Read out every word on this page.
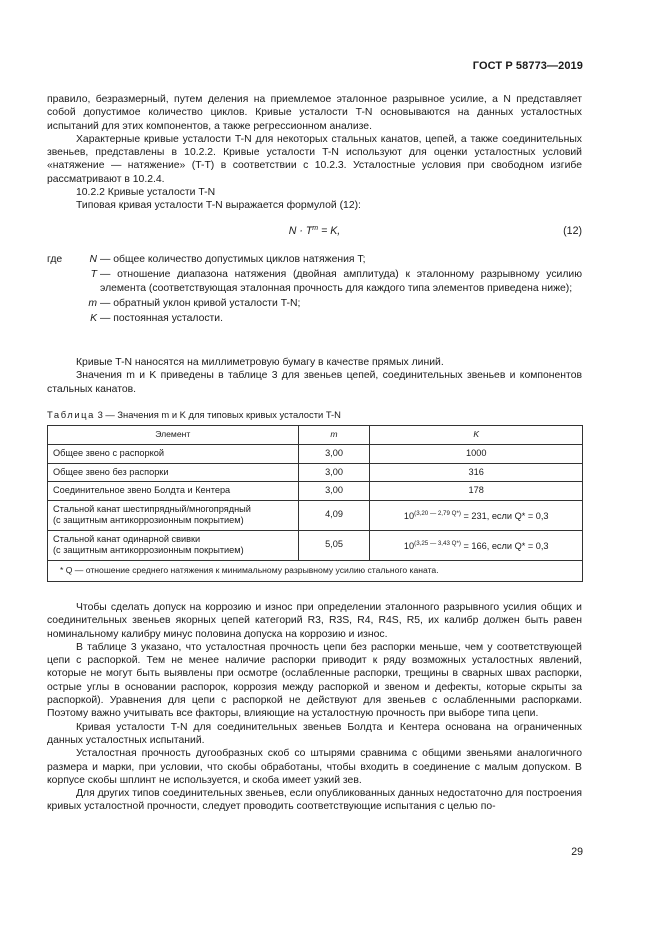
ГОСТ Р 58773—2019

правило, безразмерный, путем деления на приемлемое эталонное разрывное усилие, а N представляет собой допустимое количество циклов. Кривые усталости T-N основываются на данных усталостных испытаний для этих компонентов, а также регрессионном анализе.

Характерные кривые усталости T-N для некоторых стальных канатов, цепей, а также соединительных звеньев, представлены в 10.2.2. Кривые усталости T-N используют для оценки усталостных условий «натяжение — натяжение» (T-T) в соответствии с 10.2.3. Усталостные условия при свободном изгибе рассматривают в 10.2.4.

10.2.2 Кривые усталости T-N

Типовая кривая усталости T-N выражается формулой (12):

$N \cdot T^m = K$,	(12)
где	N — общее количество допустимых циклов натяжения T;
T — отношение диапазона натяжения (двойная амплитуда) к эталонному разрывному усилию элемента (соответствующая эталонная прочность для каждого типа элементов приведена ниже);
m — обратный уклон кривой усталости T-N;
K — постоянная усталости.

Кривые T-N наносятся на миллиметровую бумагу в качестве прямых линий.

Значения m и K приведены в таблице 3 для звеньев цепей, соединительных звеньев и компонентов стальных канатов.

Таблица 3 — Значения m и K для типовых кривых усталости T-N
Элемент	m	K
Общее звено с распоркой	3,00	1000
Общее звено без распорки	3,00	316
Соединительное звено Болдта и Кентера	3,00	178

Стальной канат шестипрядный/многопрядный
(с защитным антикоррозионным покрытием)	4,09	$10^{(3,20 — 2,79 Q*)} = 231$, если Q* = 0,3

Стальной канат одинарной свивки
(с защитным антикоррозионным покрытием)	5,05	$10^{(3,25 — 3,43 Q*)} = 166$, если Q* = 0,3
* Q — отношение среднего натяжения к минимальному разрывному усилию стального каната.		

Чтобы сделать допуск на коррозию и износ при определении эталонного разрывного усилия общих и соединительных звеньев якорных цепей категорий R3, R3S, R4, R4S, R5, их калибр должен быть равен номинальному калибру минус половина допуска на коррозию и износ.

В таблице 3 указано, что усталостная прочность цепи без распорки меньше, чем у соответствующей цепи с распоркой. Тем не менее наличие распорки приводит к ряду возможных усталостных явлений, которые не могут быть выявлены при осмотре (ослабленные распорки, трещины в сварных швах распорки, острые углы в основании распорок, коррозия между распоркой и звеном и дефекты, которые скрыты за распоркой). Уравнения для цепи с распоркой не действуют для звеньев с ослабленными распорками. Поэтому важно учитывать все факторы, влияющие на усталостную прочность при выборе типа цепи.

Кривая усталости T-N для соединительных звеньев Болдта и Кентера основана на ограниченных данных усталостных испытаний.

Усталостная прочность дугообразных скоб со штырями сравнима с общими звеньями аналогичного размера и марки, при условии, что скобы обработаны, чтобы входить в соединение с малым допуском. В корпусе скобы шплинт не используется, и скоба имеет узкий зев.

Для других типов соединительных звеньев, если опубликованных данных недостаточно для построения кривых усталостной прочности, следует проводить соответствующие испытания с целью по-

29
